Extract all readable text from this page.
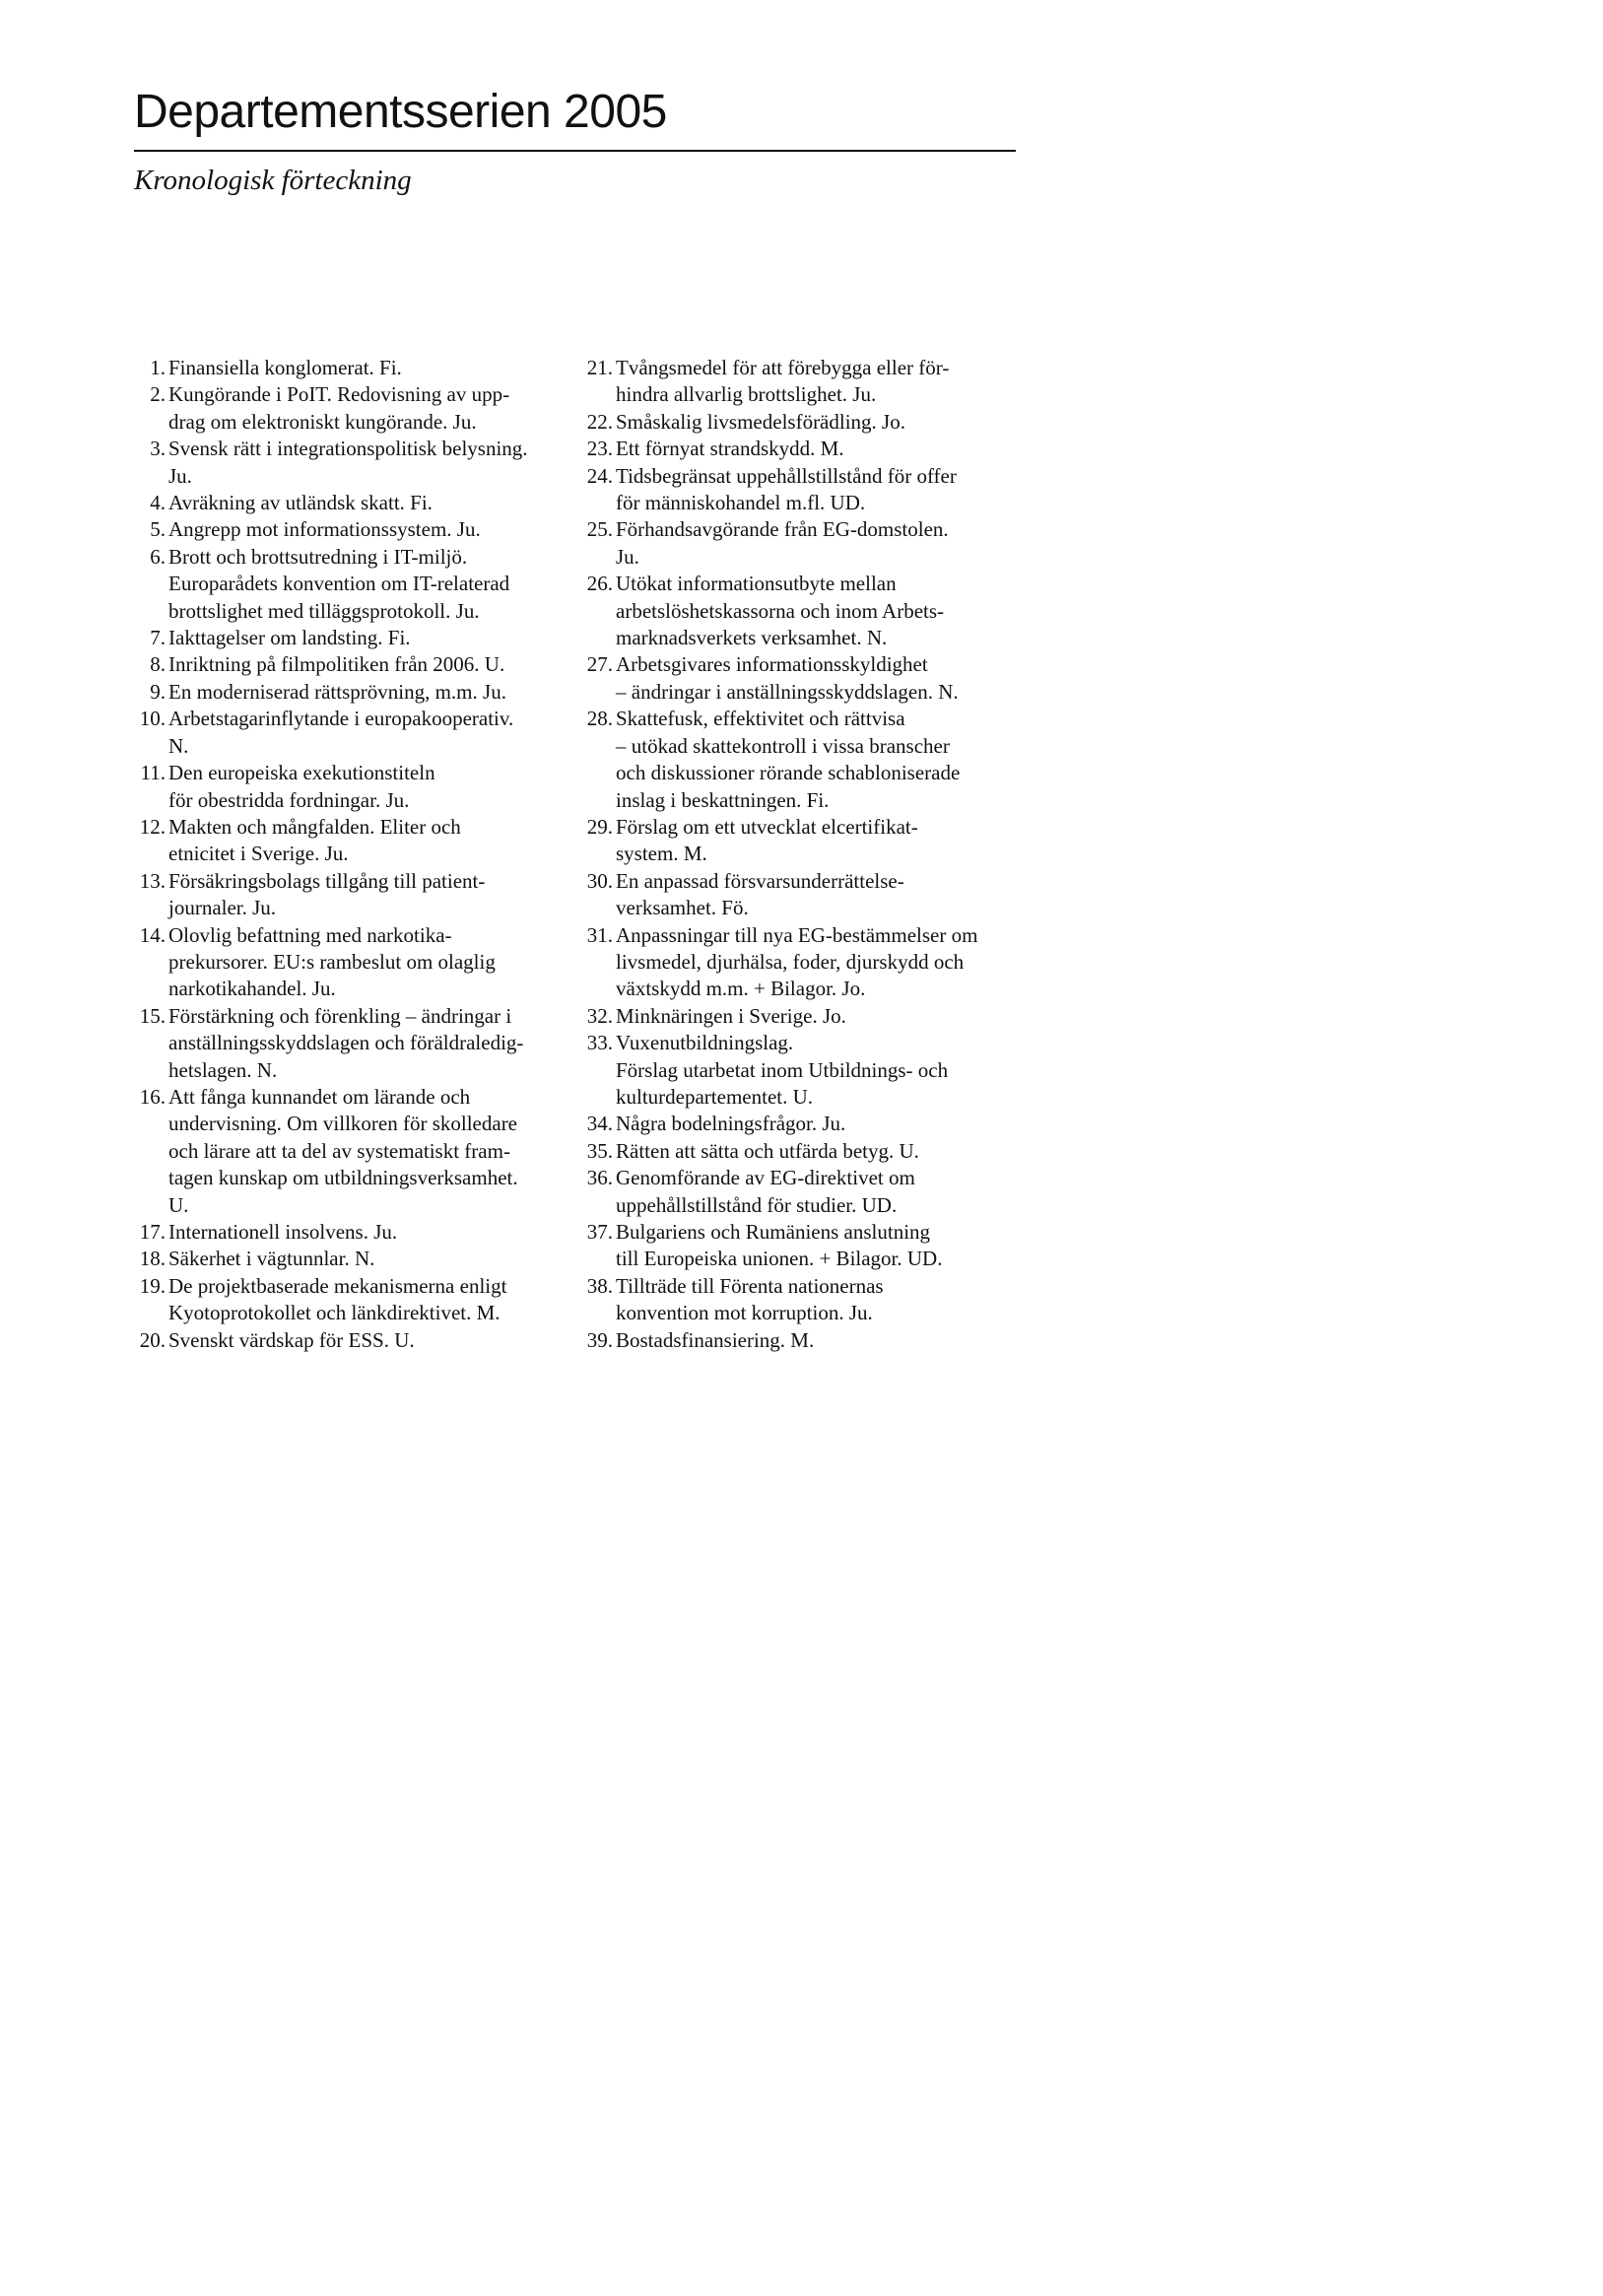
Departementsserien 2005
Kronologisk förteckning
1. Finansiella konglomerat. Fi.
2. Kungörande i PoIT. Redovisning av upp-
drag om elektroniskt kungörande. Ju.
3. Svensk rätt i integrationspolitisk belysning.
Ju.
4. Avräkning av utländsk skatt. Fi.
5. Angrepp mot informationssystem. Ju.
6. Brott och brottsutredning i IT-miljö.
Europarådets konvention om IT-relaterad
brottslighet med tilläggsprotokoll. Ju.
7. Iakttagelser om landsting. Fi.
8. Inriktning på filmpolitiken från 2006. U.
9. En moderniserad rättsprövning, m.m. Ju.
10. Arbetstagarinflytande i europakooperativ.
N.
11. Den europeiska exekutionstiteln
för obestridda fordningar. Ju.
12. Makten och mångfalden. Eliter och
etnicitet i Sverige. Ju.
13. Försäkringsbolags tillgång till patient-
journaler. Ju.
14. Olovlig befattning med narkotika-
prekursorer. EU:s rambeslut om olaglig
narkotikahandel. Ju.
15. Förstärkning och förenkling – ändringar i
anställningsskyddslagen och föräldraledig-
hetslagen. N.
16. Att fånga kunnandet om lärande och
undervisning. Om villkoren för skolledare
och lärare att ta del av systematiskt fram-
tagen kunskap om utbildningsverksamhet.
U.
17. Internationell insolvens. Ju.
18. Säkerhet i vägtunnlar. N.
19. De projektbaserade mekanismerna enligt
Kyotoprotokollet och länkdirektivet. M.
20. Svenskt värdskap för ESS. U.
21. Tvångsmedel för att förebygga eller för-
hindra allvarlig brottslighet. Ju.
22. Småskalig livsmedelsförädling. Jo.
23. Ett förnyat strandskydd. M.
24. Tidsbegränsat uppehållstillstånd för offer
för människohandel m.fl. UD.
25. Förhandsavgörande från EG-domstolen.
Ju.
26. Utökat informationsutbyte mellan
arbetslöshetskassorna och inom Arbets-
marknadsverkets verksamhet. N.
27. Arbetsgivares informationsskyldighet
– ändringar i anställningsskyddslagen. N.
28. Skattefusk, effektivitet och rättvisa
– utökad skattekontroll i vissa branscher
och diskussioner rörande schabloniserade
inslag i beskattningen. Fi.
29. Förslag om ett utvecklat elcertifikat-
system. M.
30. En anpassad försvarsunderrättelse-
verksamhet. Fö.
31. Anpassningar till nya EG-bestämmelser om
livsmedel, djurhälsa, foder, djurskydd och
växtskydd m.m. + Bilagor. Jo.
32. Minknäringen i Sverige. Jo.
33. Vuxenutbildningslag.
Förslag utarbetat inom Utbildnings- och
kulturdepartementet. U.
34. Några bodelningsfrågor. Ju.
35. Rätten att sätta och utfärda betyg. U.
36. Genomförande av EG-direktivet om
uppehållstillstånd för studier. UD.
37. Bulgariens och Rumäniens anslutning
till Europeiska unionen. + Bilagor. UD.
38. Tillträde till Förenta nationernas
konvention mot korruption. Ju.
39. Bostadsfinansiering. M.
